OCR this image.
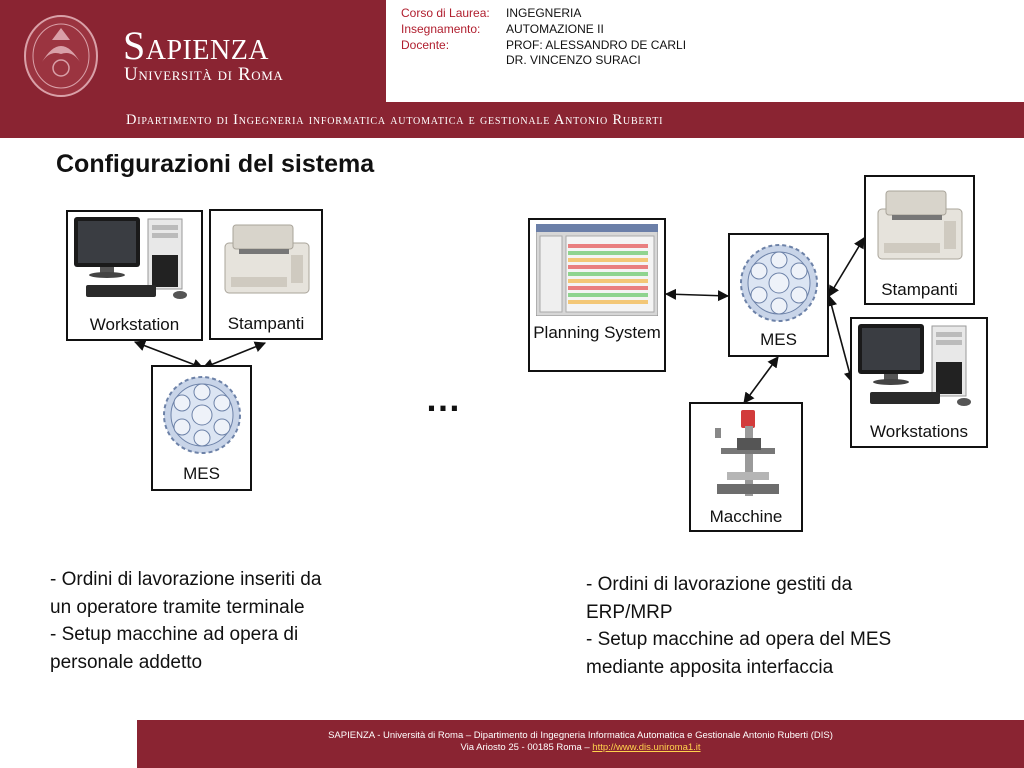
Corso di Laurea: INGEGNERIA
Insegnamento: AUTOMAZIONE II
Docente:	PROF: ALESSANDRO DE CARLI
DR. VINCENZO SURACI
Sapienza
Università di Roma
Dipartimento di Ingegneria informatica automatica e gestionale Antonio Ruberti
Configurazioni del sistema
Workstation	Stampanti
MES
…
Planning System	MES
Stampanti
Workstations
Macchine
- Ordini di lavorazione inseriti da
un operatore tramite terminale
- Setup macchine ad opera di
personale addetto
- Ordini di lavorazione gestiti da
ERP/MRP
- Setup macchine ad opera del MES
mediante apposita interfaccia
SAPIENZA - Università di Roma – Dipartimento di Ingegneria Informatica Automatica e Gestionale Antonio Ruberti (DIS)
Via Ariosto 25 - 00185 Roma – http://www.dis.uniroma1.it
